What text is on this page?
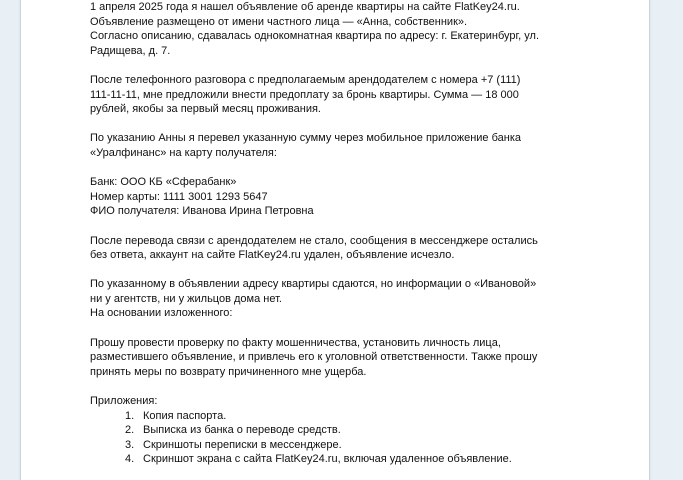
1 апреля 2025 года я нашел объявление об аренде квартиры на сайте FlatKey24.ru.
Объявление размещено от имени частного лица — «Анна, собственник».
Согласно описанию, сдавалась однокомнатная квартира по адресу: г. Екатеринбург, ул.
Радищева, д. 7.

После телефонного разговора с предполагаемым арендодателем с номера +7 (111)
111-11-11, мне предложили внести предоплату за бронь квартиры. Сумма — 18 000
рублей, якобы за первый месяц проживания.

По указанию Анны я перевел указанную сумму через мобильное приложение банка
«Уралфинанс» на карту получателя:

Банк: ООО КБ «Сферабанк»
Номер карты: 1111 3001 1293 5647
ФИО получателя: Иванова Ирина Петровна

После перевода связи с арендодателем не стало, сообщения в мессенджере остались
без ответа, аккаунт на сайте FlatKey24.ru удален, объявление исчезло.

По указанному в объявлении адресу квартиры сдаются, но информации о «Ивановой»
ни у агентств, ни у жильцов дома нет.
На основании изложенного:

Прошу провести проверку по факту мошенничества, установить личность лица,
разместившего объявление, и привлечь его к уголовной ответственности. Также прошу
принять меры по возврату причиненного мне ущерба.

Приложения:

1. Копия паспорта.
2. Выписка из банка о переводе средств.
3. Скриншоты переписки в мессенджере.
4. Скриншот экрана с сайта FlatKey24.ru, включая удаленное объявление.
